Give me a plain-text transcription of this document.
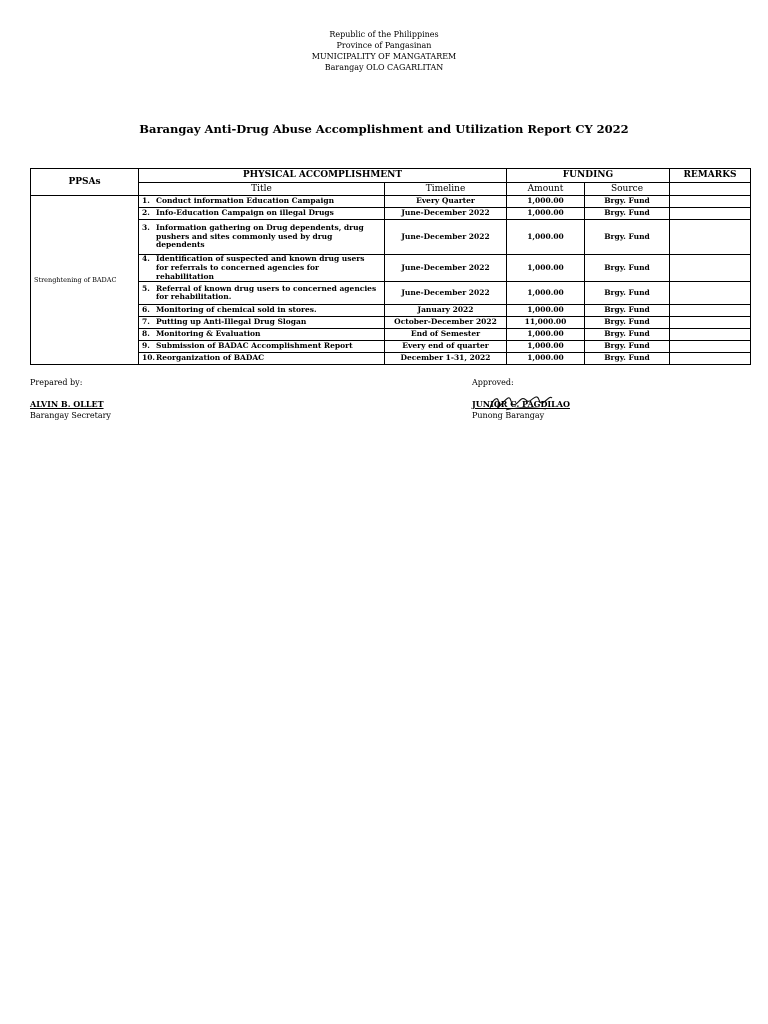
Republic of the Philippines
Province of Pangasinan
MUNICIPALITY OF MANGATAREM
Barangay OLO CAGARLITAN
Barangay Anti-Drug Abuse Accomplishment and Utilization Report CY 2022
PPSAs	PHYSICAL ACCOMPLISHMENT		FUNDING		REMARKS
	Title	Timeline	Amount	Source	
Strenghtening of BADAC	1. Conduct information Education Campaign	Every Quarter	1,000.00	Brgy. Fund	
	2. Info-Education Campaign on illegal Drugs	June-December 2022	1,000.00	Brgy. Fund	
	3. Information gathering on Drug dependents, drug pushers and sites commonly used by drug dependents	June-December 2022	1,000.00	Brgy. Fund	
	4. Identification of suspected and known drug users for referrals to concerned agencies for rehabilitation	June-December 2022	1,000.00	Brgy. Fund	
	5. Referral of known drug users to concerned agencies for rehabilitation.	June-December 2022	1,000.00	Brgy. Fund	
	6. Monitoring of chemical sold in stores.	January 2022	1,000.00	Brgy. Fund	
	7. Putting up Anti-Illegal Drug Slogan	October-December 2022	11,000.00	Brgy. Fund	
	8. Monitoring & Evaluation	End of Semester	1,000.00	Brgy. Fund	
	9. Submission of BADAC Accomplishment Report	Every end of quarter	1,000.00	Brgy. Fund	
	10.Reorganization of BADAC	December 1-31, 2022	1,000.00	Brgy. Fund	
Prepared by:
ALVIN B. OLLET
Barangay Secretary
Approved:
JUNIOR C. PAGDILAO
Punong Barangay
